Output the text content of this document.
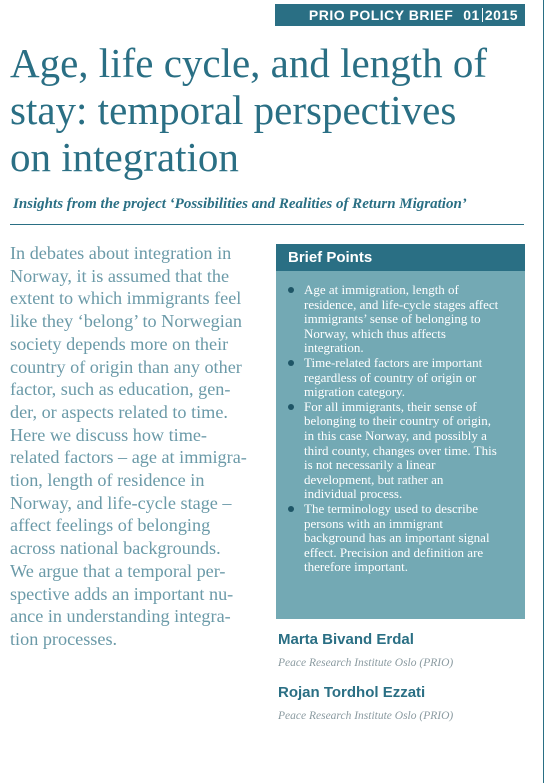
PRIO POLICY BRIEF 01 2015
Age, life cycle, and length of
stay: temporal perspectives
on integration

Insights from the project ‘Possibilities and Realities of Return Migration’

In debates about integration in
Norway, it is assumed that the
extent to which immigrants feel
like they ‘belong’ to Norwegian
society depends more on their
country of origin than any other
factor, such as education, gen-
der, or aspects related to time.
Here we discuss how time-
related factors – age at immigra-
tion, length of residence in
Norway, and life-cycle stage –
affect feelings of belonging
across national backgrounds.
We argue that a temporal per-
spective adds an important nu-
ance in understanding integra-
tion processes.

Brief Points
Age at immigration, length of
residence, and life-cycle stages affect
immigrants’ sense of belonging to
Norway, which thus affects
integration.
Time-related factors are important
regardless of country of origin or
migration category.
For all immigrants, their sense of
belonging to their country of origin,
in this case Norway, and possibly a
third county, changes over time. This
is not necessarily a linear
development, but rather an
individual process.
The terminology used to describe
persons with an immigrant
background has an important signal
effect. Precision and definition are
therefore important.

Marta Bivand Erdal

Peace Research Institute Oslo (PRIO)

Rojan Tordhol Ezzati

Peace Research Institute Oslo (PRIO)
